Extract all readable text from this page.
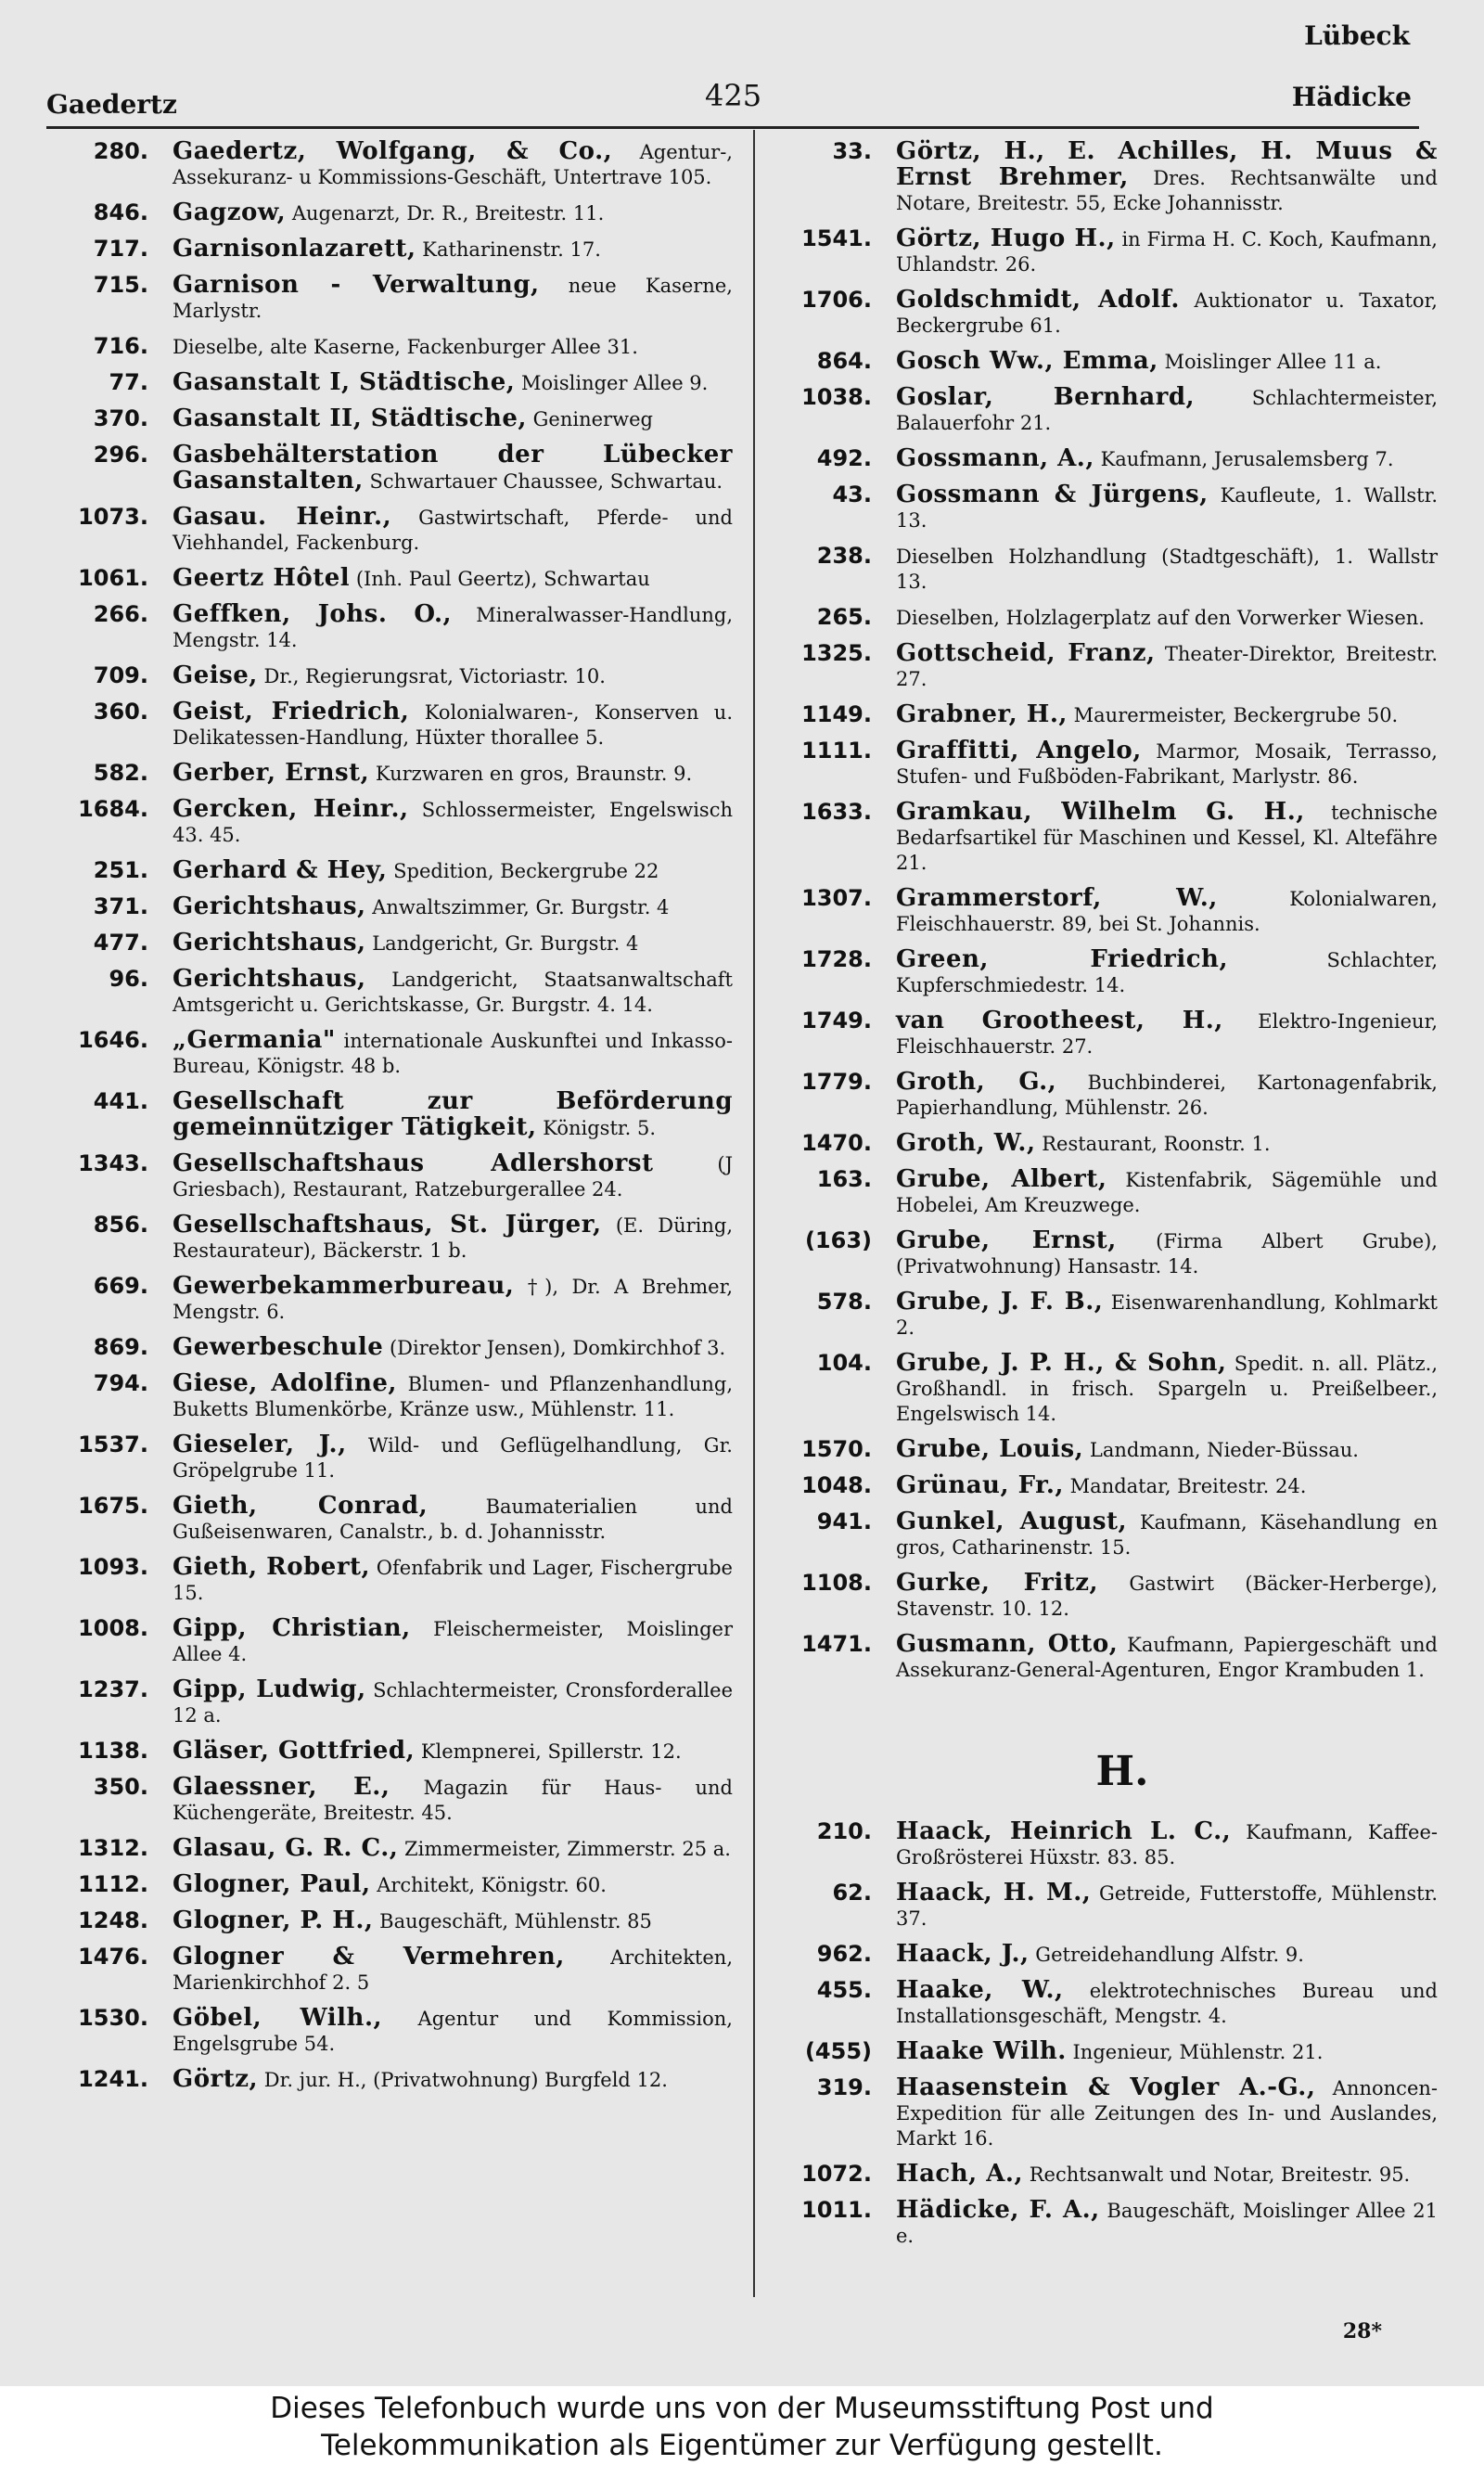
Lübeck
Gaedertz	425	Hädicke
280.	Gaedertz, Wolfgang, & Co., Agentur-, Assekuranz- u Kommissions-Geschäft, Untertrave 105.
846.	Gagzow, Augenarzt, Dr. R., Breitestr. 11.
717.	Garnisonlazarett, Katharinenstr. 17.
715.	Garnison - Verwaltung, neue Kaserne, Marlystr.
716.	Dieselbe, alte Kaserne, Fackenburger Allee 31.
77.	Gasanstalt I, Städtische, Moislinger Allee 9.
370.	Gasanstalt II, Städtische, Geninerweg
296.	Gasbehälterstation der Lübecker Gasanstalten, Schwartauer Chaussee, Schwartau.
1073.	Gasau. Heinr., Gastwirtschaft, Pferde- und Viehhandel, Fackenburg.
1061.	Geertz Hôtel (Inh. Paul Geertz), Schwartau
266.	Geffken, Johs. O., Mineralwasser-Handlung, Mengstr. 14.
709.	Geise, Dr., Regierungsrat, Victoriastr. 10.
360.	Geist, Friedrich, Kolonialwaren-, Konserven u. Delikatessen-Handlung, Hüxter thorallee 5.
582.	Gerber, Ernst, Kurzwaren en gros, Braunstr. 9.
1684.	Gercken, Heinr., Schlossermeister, Engelswisch 43. 45.
251.	Gerhard & Hey, Spedition, Beckergrube 22
371.	Gerichtshaus, Anwaltszimmer, Gr. Burgstr. 4
477.	Gerichtshaus, Landgericht, Gr. Burgstr. 4
96.	Gerichtshaus, Landgericht, Staatsanwaltschaft Amtsgericht u. Gerichtskasse, Gr. Burgstr. 4. 14.
1646.	„Germania" internationale Auskunftei und Inkasso-Bureau, Königstr. 48 b.
441.	Gesellschaft zur Beförderung gemeinnütziger Tätigkeit, Königstr. 5.
1343.	Gesellschaftshaus Adlershorst	(J Griesbach), Restaurant, Ratzeburgerallee 24.
856.	Gesellschaftshaus, St. Jürger, (E. Düring, Restaurateur), Bäckerstr. 1 b.
669.	Gewerbekammerbureau, †), Dr. A Brehmer, Mengstr. 6.
869.	Gewerbeschule (Direktor Jensen), Domkirchhof 3.
794.	Giese, Adolfine, Blumen- und Pflanzenhandlung, Buketts Blumenkörbe, Kränze usw., Mühlenstr. 11.
1537.	Gieseler, J., Wild- und Geflügelhandlung, Gr. Gröpelgrube 11.
1675.	Gieth, Conrad,	Baumaterialien und Gußeisenwaren, Canalstr., b. d. Johannisstr.
1093.	Gieth, Robert, Ofenfabrik und Lager, Fischergrube 15.
1008.	Gipp, Christian, Fleischermeister, Moislinger Allee 4.
1237.	Gipp, Ludwig, Schlachtermeister, Cronsforderallee 12 a.
1138.	Gläser, Gottfried, Klempnerei, Spillerstr. 12.
350.	Glaessner, E., Magazin für Haus- und Küchengeräte, Breitestr. 45.
1312.	Glasau, G. R. C., Zimmermeister, Zimmerstr. 25 a.
1112.	Glogner, Paul, Architekt, Königstr. 60.
1248.	Glogner, P. H., Baugeschäft, Mühlenstr. 85
1476.	Glogner & Vermehren, Architekten, Marienkirchhof 2. 5
1530.	Göbel, Wilh., Agentur und Kommission, Engelsgrube 54.
1241.	Görtz, Dr. jur. H., (Privatwohnung) Burgfeld 12.
33.	Görtz, H., E. Achilles, H. Muus & Ernst Brehmer, Dres. Rechtsanwälte und Notare, Breitestr. 55, Ecke Johannisstr.
1541.	Görtz, Hugo H., in Firma H. C. Koch, Kaufmann, Uhlandstr. 26.
1706.	Goldschmidt, Adolf. Auktionator u. Taxator, Beckergrube 61.
864.	Gosch Ww., Emma, Moislinger Allee 11 a.
1038.	Goslar, Bernhard,	Schlachtermeister, Balauerfohr 21.
492.	Gossmann, A., Kaufmann, Jerusalemsberg 7.
43.	Gossmann & Jürgens, Kaufleute, 1. Wallstr. 13.
238.	Dieselben Holzhandlung (Stadtgeschäft), 1. Wallstr 13.
265.	Dieselben, Holzlagerplatz auf den Vorwerker Wiesen.
1325.	Gottscheid, Franz, Theater-Direktor, Breitestr. 27.
1149.	Grabner, H., Maurermeister, Beckergrube 50.
1111.	Graffitti, Angelo, Marmor, Mosaik, Terrasso, Stufen- und Fußböden-Fabrikant, Marlystr. 86.
1633.	Gramkau, Wilhelm G. H., technische Bedarfsartikel für Maschinen und Kessel, Kl. Altefähre 21.
1307.	Grammerstorf, W.,	Kolonialwaren, Fleischhauerstr. 89, bei St. Johannis.
1728.	Green, Friedrich,	Schlachter, Kupferschmiedestr. 14.
1749.	van Grootheest, H., Elektro-Ingenieur, Fleischhauerstr. 27.
1779.	Groth, G., Buchbinderei, Kartonagenfabrik, Papierhandlung, Mühlenstr. 26.
1470.	Groth, W., Restaurant, Roonstr. 1.
163.	Grube, Albert, Kistenfabrik, Sägemühle und Hobelei, Am Kreuzwege.
(163)	Grube, Ernst, (Firma Albert Grube), (Privatwohnung) Hansastr. 14.
578.	Grube, J. F. B., Eisenwarenhandlung, Kohlmarkt 2.
104.	Grube, J. P. H., & Sohn, Spedit. n. all. Plätz., Großhandl. in frisch. Spargeln u. Preißelbeer., Engelswisch 14.
1570.	Grube, Louis, Landmann, Nieder-Büssau.
1048.	Grünau, Fr., Mandatar, Breitestr. 24.
941.	Gunkel, August, Kaufmann, Käsehandlung en gros, Catharinenstr. 15.
1108.	Gurke, Fritz, Gastwirt (Bäcker-Herberge), Stavenstr. 10. 12.
1471.	Gusmann, Otto, Kaufmann, Papiergeschäft und Assekuranz-General-Agenturen, Engor Krambuden 1.
H.
210.	Haack, Heinrich L. C., Kaufmann, Kaffee-Großrösterei Hüxstr. 83. 85.
62.	Haack, H. M., Getreide, Futterstoffe, Mühlenstr. 37.
962.	Haack, J., Getreidehandlung Alfstr. 9.
455.	Haake, W., elektrotechnisches Bureau und Installationsgeschäft, Mengstr. 4.
(455)	Haake Wilh. Ingenieur, Mühlenstr. 21.
319.	Haasenstein & Vogler A.-G., Annoncen-Expedition für alle Zeitungen des In- und Auslandes, Markt 16.
1072.	Hach, A., Rechtsanwalt und Notar, Breitestr. 95.
1011.	Hädicke, F. A., Baugeschäft, Moislinger Allee 21 e.
28*
Dieses Telefonbuch wurde uns von der Museumsstiftung Post und
Telekommunikation als Eigentümer zur Verfügung gestellt.
